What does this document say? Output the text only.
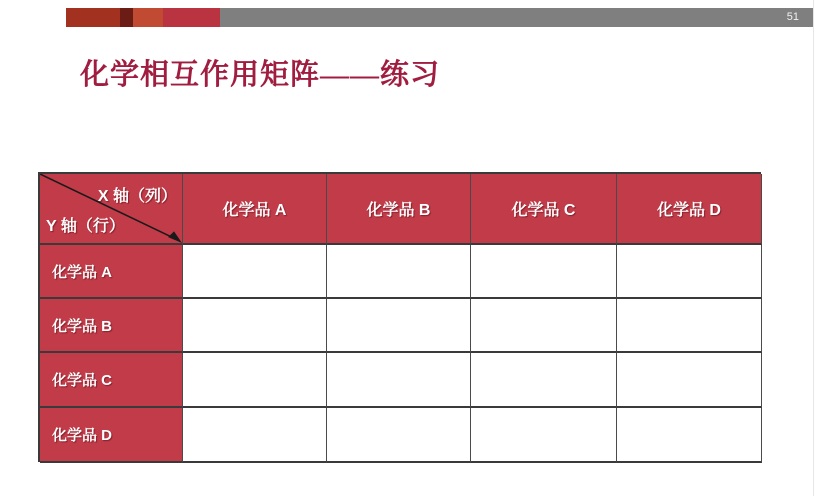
51
化学相互作用矩阵——练习
X 轴（列）
Y 轴（行）
化学品 A	化学品 B	化学品 C	化学品 D
化学品 A
化学品 B
化学品 C
化学品 D
